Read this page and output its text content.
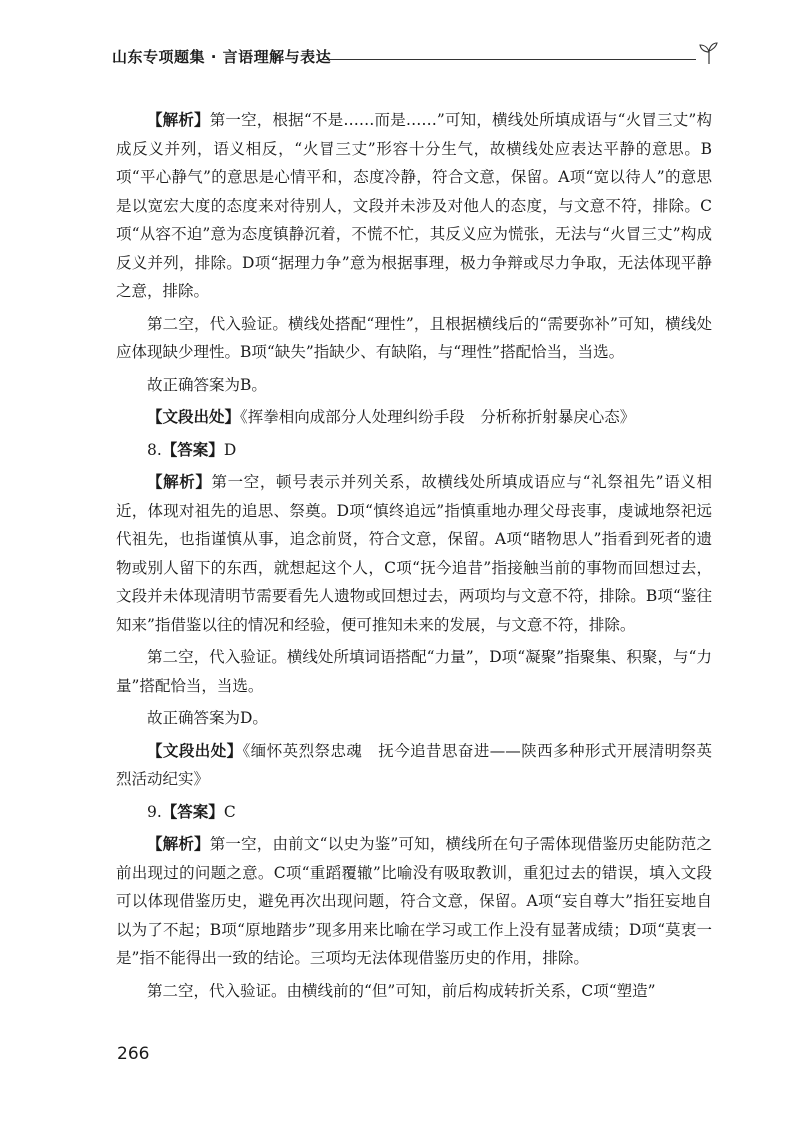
山东专项题集 · 言语理解与表达

【解析】第一空，根据“不是……而是……”可知，横线处所填成语与“火冒三丈”构成反义并列，语义相反，“火冒三丈”形容十分生气，故横线处应表达平静的意思。B项“平心静气”的意思是心情平和，态度冷静，符合文意，保留。A项“宽以待人”的意思是以宽宏大度的态度来对待别人，文段并未涉及对他人的态度，与文意不符，排除。C项“从容不迫”意为态度镇静沉着，不慌不忙，其反义应为慌张，无法与“火冒三丈”构成反义并列，排除。D项“据理力争”意为根据事理，极力争辩或尽力争取，无法体现平静之意，排除。

第二空，代入验证。横线处搭配“理性”，且根据横线后的“需要弥补”可知，横线处应体现缺少理性。B项“缺失”指缺少、有缺陷，与“理性”搭配恰当，当选。

故正确答案为B。

【文段出处】《挥拳相向成部分人处理纠纷手段　分析称折射暴戾心态》

8.【答案】D

【解析】第一空，顿号表示并列关系，故横线处所填成语应与“礼祭祖先”语义相近，体现对祖先的追思、祭奠。D项“慎终追远”指慎重地办理父母丧事，虔诚地祭祀远代祖先，也指谨慎从事，追念前贤，符合文意，保留。A项“睹物思人”指看到死者的遗物或别人留下的东西，就想起这个人，C项“抚今追昔”指接触当前的事物而回想过去，文段并未体现清明节需要看先人遗物或回想过去，两项均与文意不符，排除。B项“鉴往知来”指借鉴以往的情况和经验，便可推知未来的发展，与文意不符，排除。

第二空，代入验证。横线处所填词语搭配“力量”，D项“凝聚”指聚集、积聚，与“力量”搭配恰当，当选。

故正确答案为D。

【文段出处】《缅怀英烈祭忠魂　抚今追昔思奋进——陕西多种形式开展清明祭英烈活动纪实》

9.【答案】C

【解析】第一空，由前文“以史为鉴”可知，横线所在句子需体现借鉴历史能防范之前出现过的问题之意。C项“重蹈覆辙”比喻没有吸取教训，重犯过去的错误，填入文段可以体现借鉴历史，避免再次出现问题，符合文意，保留。A项“妄自尊大”指狂妄地自以为了不起；B项“原地踏步”现多用来比喻在学习或工作上没有显著成绩；D项“莫衷一是”指不能得出一致的结论。三项均无法体现借鉴历史的作用，排除。

第二空，代入验证。由横线前的“但”可知，前后构成转折关系，C项“塑造”

266
